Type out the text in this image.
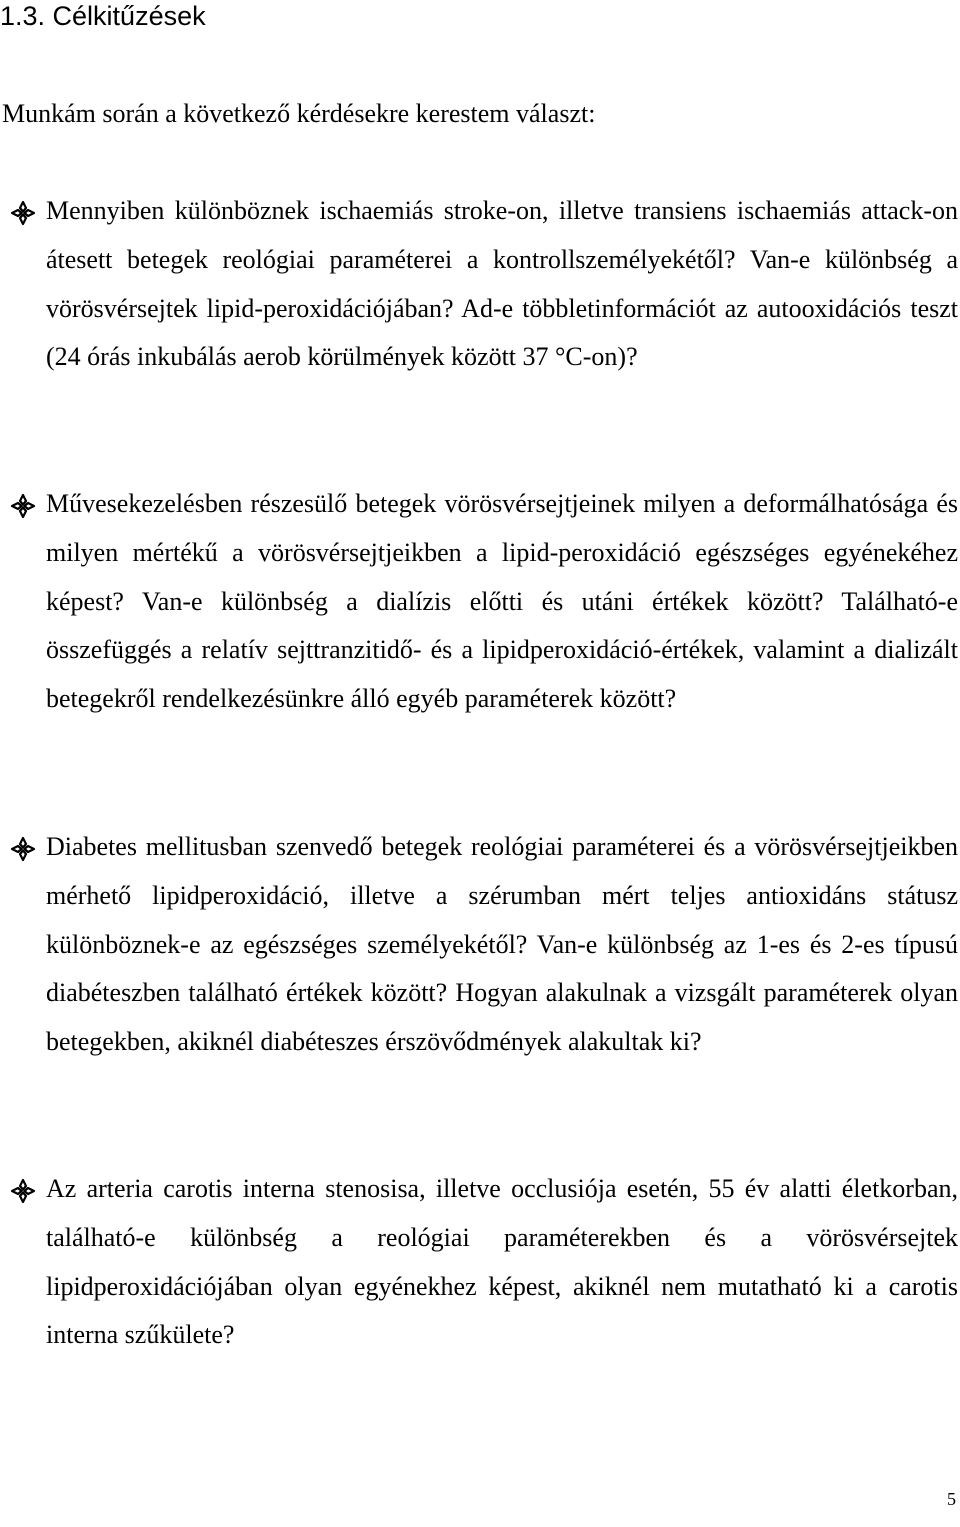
1.3. Célkitűzések

Munkám során a következő kérdésekre kerestem választ:

Mennyiben különböznek ischaemiás stroke-on, illetve transiens ischaemiás attack-on átesett betegek reológiai paraméterei a kontrollszemélyekétől? Van-e különbség a vörösvérsejtek lipid-peroxidációjában? Ad-e többletinformációt az autooxidációs teszt (24 órás inkubálás aerob körülmények között 37 °C-on)?

Művesekezelésben részesülő betegek vörösvérsejtjeinek milyen a deformálhatósága és milyen mértékű a vörösvérsejtjeikben a lipid-peroxidáció egészséges egyénekéhez képest? Van-e különbség a dialízis előtti és utáni értékek között? Található-e összefüggés a relatív sejttranzitidő- és a lipidperoxidáció-értékek, valamint a dializált betegekről rendelkezésünkre álló egyéb paraméterek között?

Diabetes mellitusban szenvedő betegek reológiai paraméterei és a vörösvérsejtjeikben mérhető lipidperoxidáció, illetve a szérumban mért teljes antioxidáns státusz különböznek-e az egészséges személyekétől? Van-e különbség az 1-es és 2-es típusú diabéteszben található értékek között? Hogyan alakulnak a vizsgált paraméterek olyan betegekben, akiknél diabéteszes érszövődmények alakultak ki?

Az arteria carotis interna stenosisa, illetve occlusiója esetén, 55 év alatti életkorban, található-e különbség a reológiai paraméterekben és a vörösvérsejtek lipidperoxidációjában olyan egyénekhez képest, akiknél nem mutatható ki a carotis interna szűkülete?

5
